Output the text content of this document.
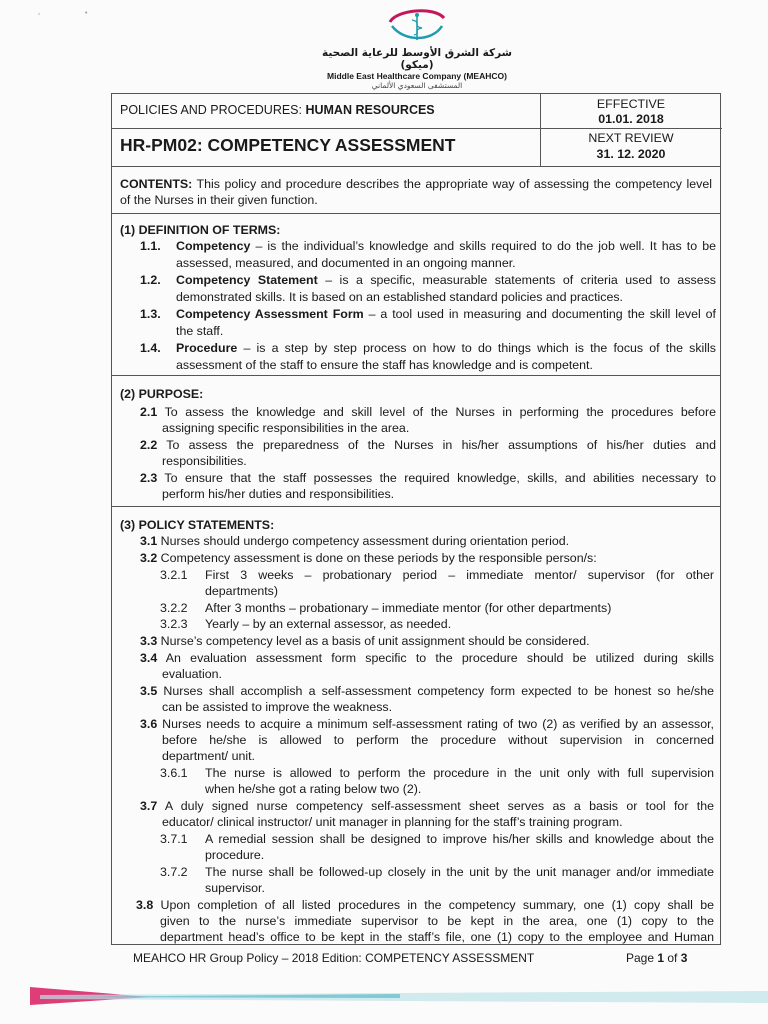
‚	•
شركة الشرق الأوسط للرعاية الصحية (ميكو)
Middle East Healthcare Company (MEAHCO)
المستشفى السعودي الألماني
POLICIES AND PROCEDURES: HUMAN RESOURCES
HR-PM02: COMPETENCY ASSESSMENT
EFFECTIVE
01.01. 2018
NEXT REVIEW
31. 12. 2020
CONTENTS: This policy and procedure describes the appropriate way of assessing the competency level
of the Nurses in their given function.
(1) DEFINITION OF TERMS:
1.1. Competency – is the individual’s knowledge and skills required to do the job well. It has to be
assessed, measured, and documented in an ongoing manner.
1.2. Competency Statement – is a specific, measurable statements of criteria used to assess
demonstrated skills. It is based on an established standard policies and practices.
1.3. Competency Assessment Form – a tool used in measuring and documenting the skill level of
the staff.
1.4. Procedure – is a step by step process on how to do things which is the focus of the skills
assessment of the staff to ensure the staff has knowledge and is competent.
(2) PURPOSE:
2.1 To assess the knowledge and skill level of the Nurses in performing the procedures before
assigning specific responsibilities in the area.
2.2 To assess the preparedness of the Nurses in his/her assumptions of his/her duties and
responsibilities.
2.3 To ensure that the staff possesses the required knowledge, skills, and abilities necessary to
perform his/her duties and responsibilities.
(3) POLICY STATEMENTS:
3.1 Nurses should undergo competency assessment during orientation period.
3.2 Competency assessment is done on these periods by the responsible person/s:
3.2.1 First 3 weeks – probationary period – immediate mentor/ supervisor (for other
departments)
3.2.2 After 3 months – probationary – immediate mentor (for other departments)
3.2.3 Yearly – by an external assessor, as needed.
3.3 Nurse’s competency level as a basis of unit assignment should be considered.
3.4 An evaluation assessment form specific to the procedure should be utilized during skills
evaluation.
3.5 Nurses shall accomplish a self-assessment competency form expected to be honest so he/she
can be assisted to improve the weakness.
3.6 Nurses needs to acquire a minimum self-assessment rating of two (2) as verified by an assessor,
before he/she is allowed to perform the procedure without supervision in concerned
department/ unit.
3.6.1 The nurse is allowed to perform the procedure in the unit only with full supervision
when he/she got a rating below two (2).
3.7 A duly signed nurse competency self-assessment sheet serves as a basis or tool for the
educator/ clinical instructor/ unit manager in planning for the staff’s training program.
3.7.1 A remedial session shall be designed to improve his/her skills and knowledge about the
procedure.
3.7.2 The nurse shall be followed-up closely in the unit by the unit manager and/or immediate
supervisor.
3.8 Upon completion of all listed procedures in the competency summary, one (1) copy shall be
given to the nurse’s immediate supervisor to be kept in the area, one (1) copy to the
department head’s office to be kept in the staff’s file, one (1) copy to the employee and Human
MEAHCO HR Group Policy – 2018 Edition: COMPETENCY ASSESSMENT	Page 1 of 3
